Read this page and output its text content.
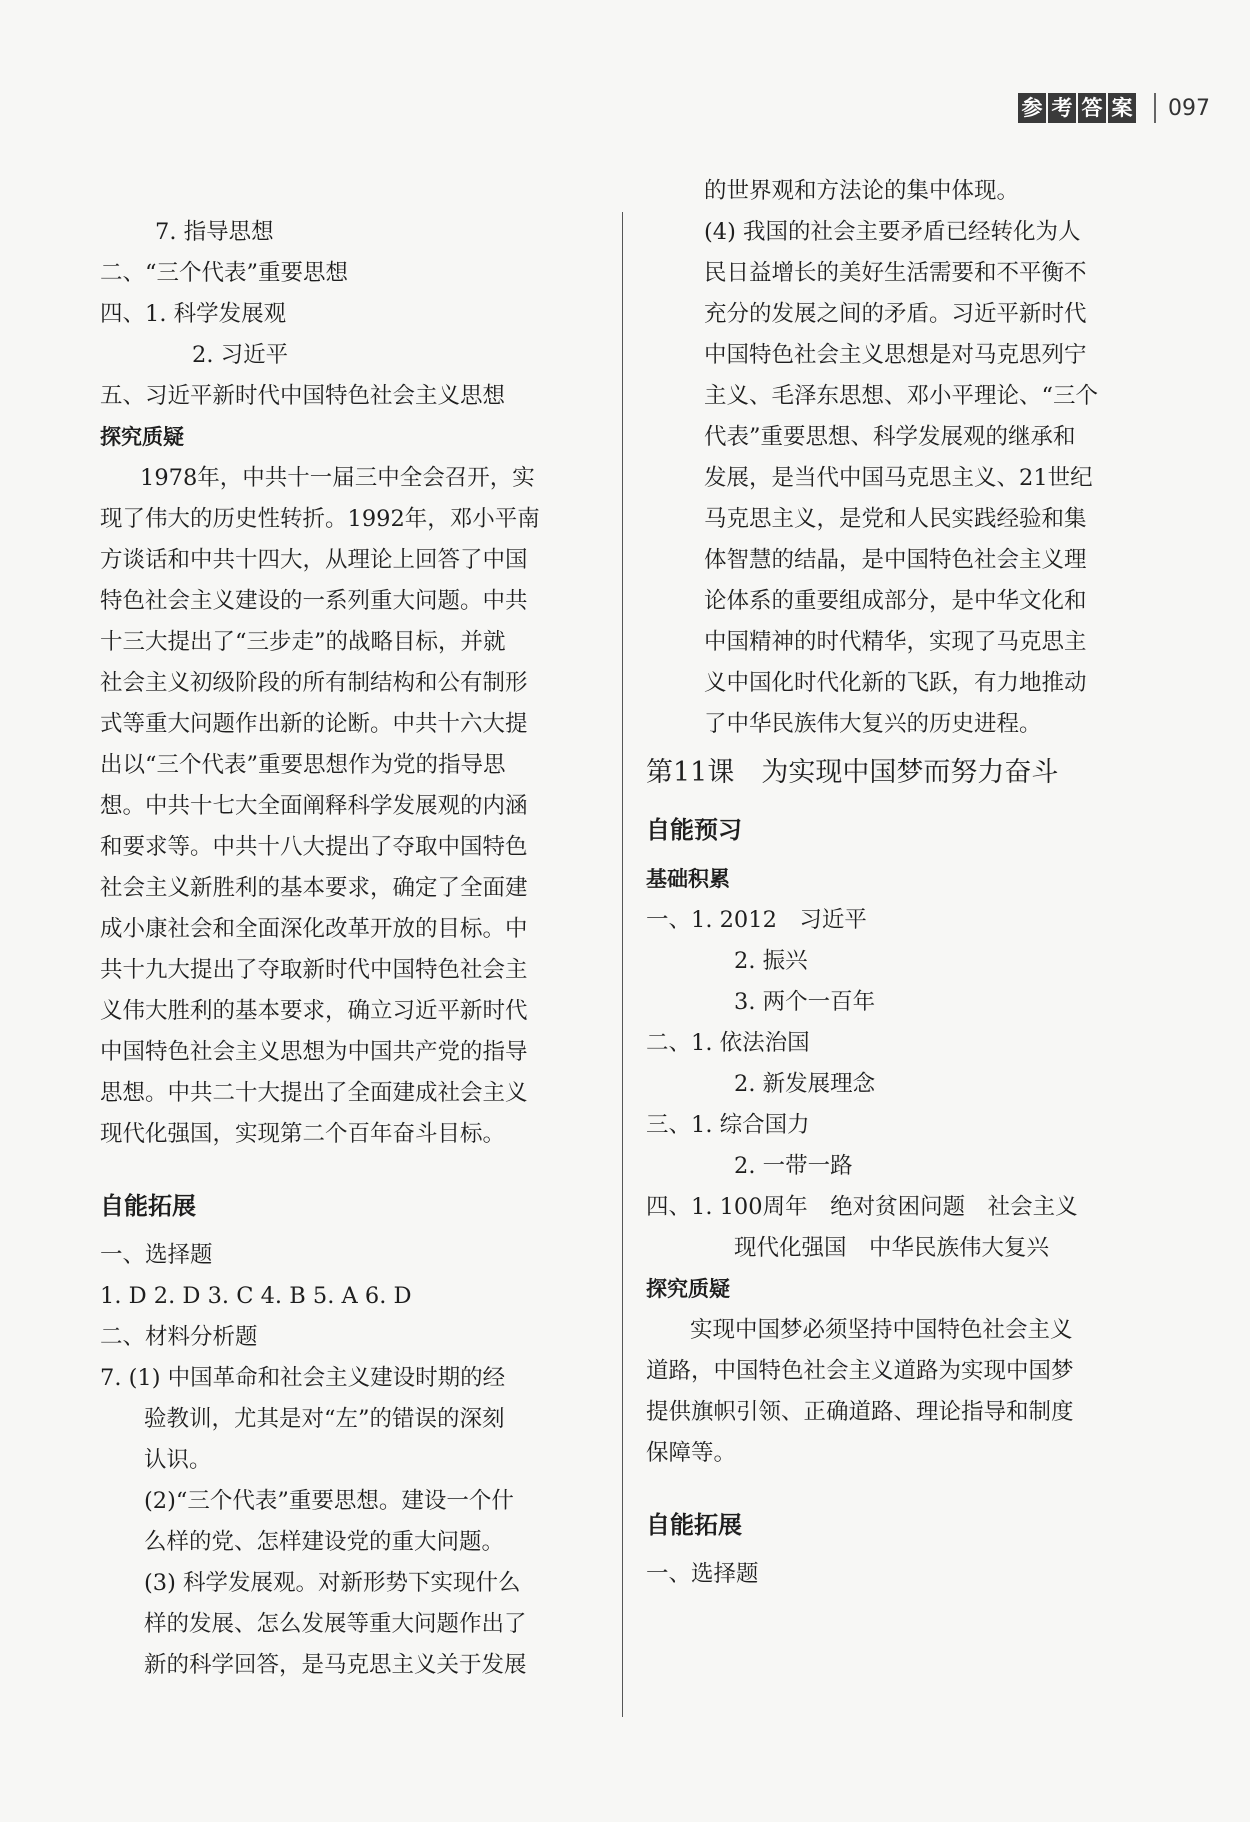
参 考 答 案 097
7. 指导思想
二、“三个代表”重要思想
四、1. 科学发展观
2. 习近平
五、习近平新时代中国特色社会主义思想
探究质疑
1978年，中共十一届三中全会召开，实
现了伟大的历史性转折。1992年，邓小平南
方谈话和中共十四大，从理论上回答了中国
特色社会主义建设的一系列重大问题。中共
十三大提出了“三步走”的战略目标，并就
社会主义初级阶段的所有制结构和公有制形
式等重大问题作出新的论断。中共十六大提
出以“三个代表”重要思想作为党的指导思
想。中共十七大全面阐释科学发展观的内涵
和要求等。中共十八大提出了夺取中国特色
社会主义新胜利的基本要求，确定了全面建
成小康社会和全面深化改革开放的目标。中
共十九大提出了夺取新时代中国特色社会主
义伟大胜利的基本要求，确立习近平新时代
中国特色社会主义思想为中国共产党的指导
思想。中共二十大提出了全面建成社会主义
现代化强国，实现第二个百年奋斗目标。
自能拓展
一、选择题
1. D 2. D 3. C 4. B 5. A 6. D
二、材料分析题
7. (1) 中国革命和社会主义建设时期的经
验教训，尤其是对“左”的错误的深刻
认识。
(2)“三个代表”重要思想。建设一个什
么样的党、怎样建设党的重大问题。
(3) 科学发展观。对新形势下实现什么
样的发展、怎么发展等重大问题作出了
新的科学回答，是马克思主义关于发展
的世界观和方法论的集中体现。
(4) 我国的社会主要矛盾已经转化为人
民日益增长的美好生活需要和不平衡不
充分的发展之间的矛盾。习近平新时代
中国特色社会主义思想是对马克思列宁
主义、毛泽东思想、邓小平理论、“三个
代表”重要思想、科学发展观的继承和
发展，是当代中国马克思主义、21世纪
马克思主义，是党和人民实践经验和集
体智慧的结晶，是中国特色社会主义理
论体系的重要组成部分，是中华文化和
中国精神的时代精华，实现了马克思主
义中国化时代化新的飞跃，有力地推动
了中华民族伟大复兴的历史进程。
第11课　为实现中国梦而努力奋斗
自能预习
基础积累
一、1. 2012　习近平
2. 振兴
3. 两个一百年
二、1. 依法治国
2. 新发展理念
三、1. 综合国力
2. 一带一路
四、1. 100周年　绝对贫困问题　社会主义
现代化强国　中华民族伟大复兴
探究质疑
实现中国梦必须坚持中国特色社会主义
道路，中国特色社会主义道路为实现中国梦
提供旗帜引领、正确道路、理论指导和制度
保障等。
自能拓展
一、选择题
